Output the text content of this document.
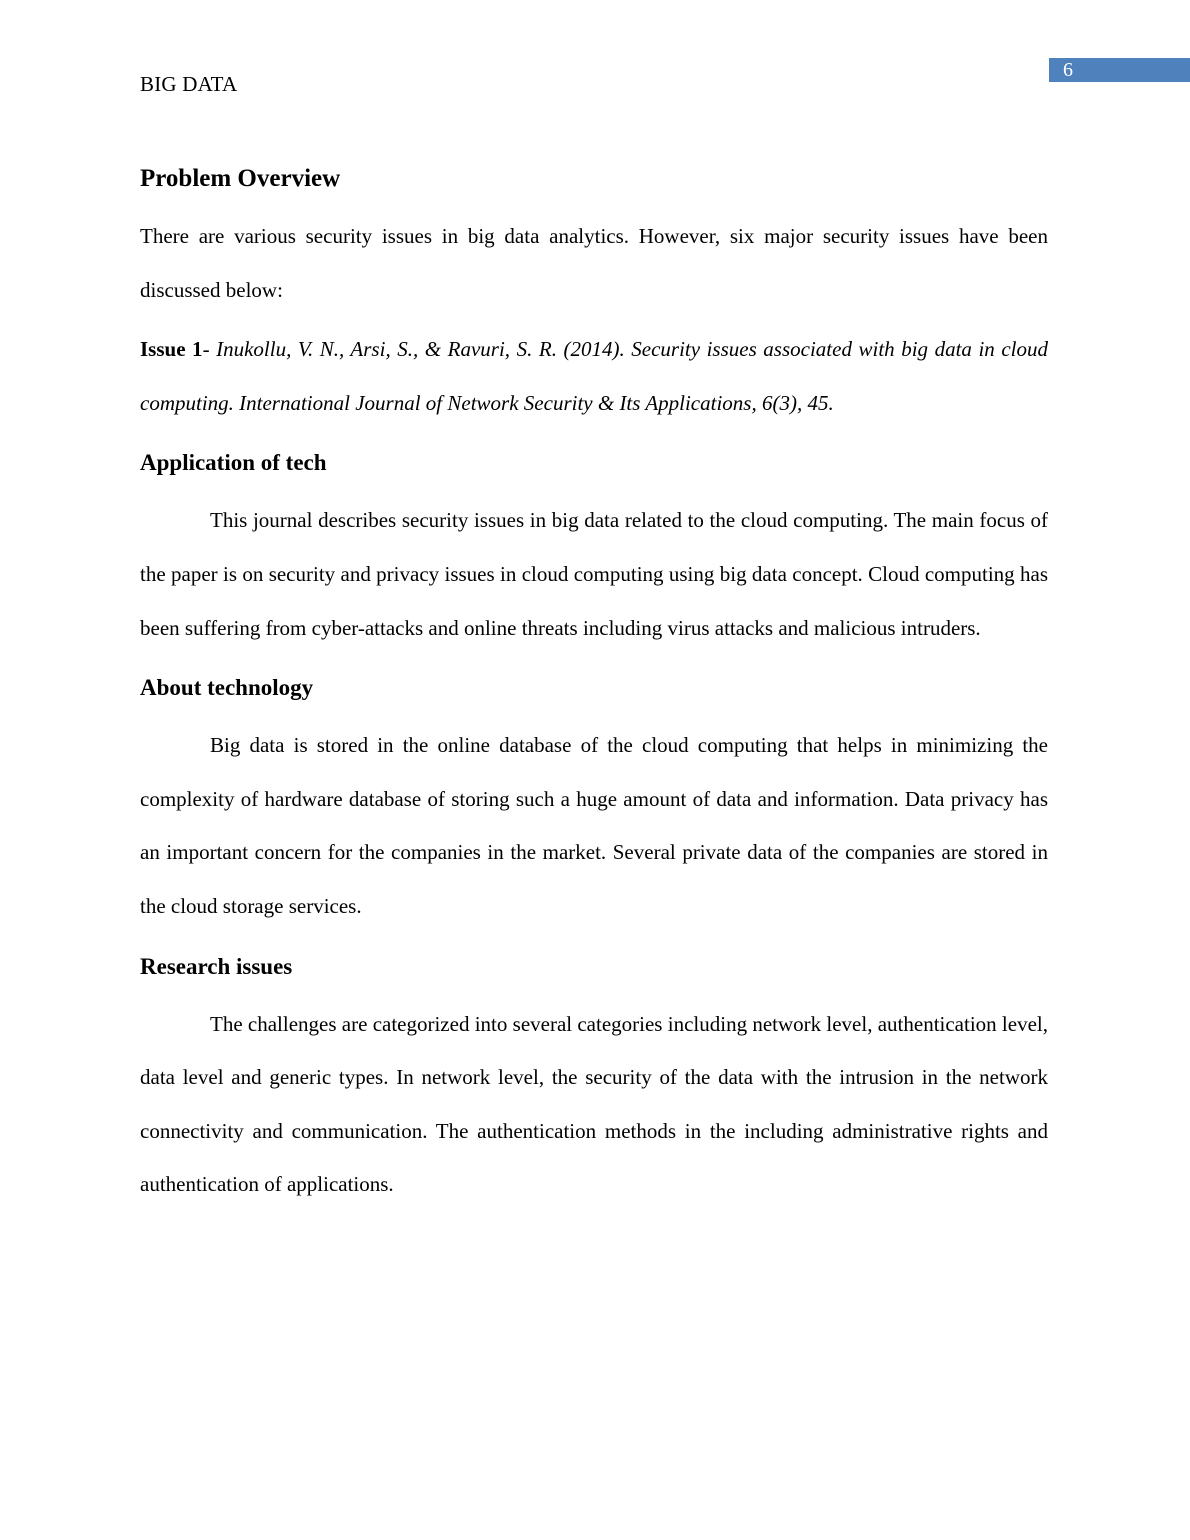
6
BIG DATA
Problem Overview

There are various security issues in big data analytics. However, six major security issues have been discussed below:

Issue 1- Inukollu, V. N., Arsi, S., & Ravuri, S. R. (2014). Security issues associated with big data in cloud computing. International Journal of Network Security & Its Applications, 6(3), 45.

Application of tech

This journal describes security issues in big data related to the cloud computing. The main focus of the paper is on security and privacy issues in cloud computing using big data concept. Cloud computing has been suffering from cyber-attacks and online threats including virus attacks and malicious intruders.

About technology

Big data is stored in the online database of the cloud computing that helps in minimizing the complexity of hardware database of storing such a huge amount of data and information. Data privacy has an important concern for the companies in the market. Several private data of the companies are stored in the cloud storage services.

Research issues

The challenges are categorized into several categories including network level, authentication level, data level and generic types. In network level, the security of the data with the intrusion in the network connectivity and communication. The authentication methods in the including administrative rights and authentication of applications.
